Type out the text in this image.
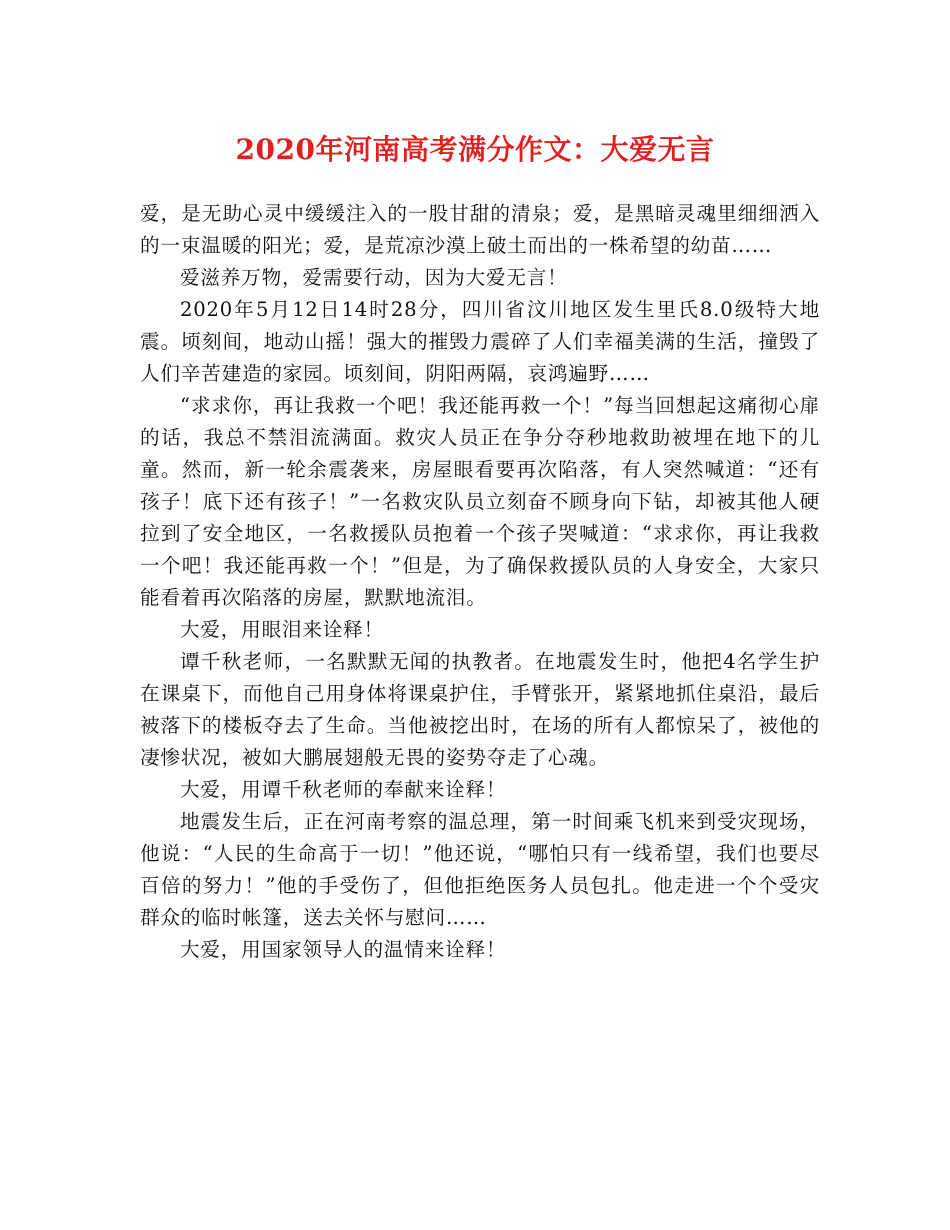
2020年河南高考满分作文：大爱无言

爱，是无助心灵中缓缓注入的一股甘甜的清泉；爱，是黑暗灵魂里细细洒入的一束温暖的阳光；爱，是荒凉沙漠上破土而出的一株希望的幼苗……

爱滋养万物，爱需要行动，因为大爱无言！

2020年5月12日14时28分，四川省汶川地区发生里氏8.0级特大地震。顷刻间，地动山摇！强大的摧毁力震碎了人们幸福美满的生活，撞毁了人们辛苦建造的家园。顷刻间，阴阳两隔，哀鸿遍野……

“求求你，再让我救一个吧！我还能再救一个！”每当回想起这痛彻心扉的话，我总不禁泪流满面。救灾人员正在争分夺秒地救助被埋在地下的儿童。然而，新一轮余震袭来，房屋眼看要再次陷落，有人突然喊道：“还有孩子！底下还有孩子！”一名救灾队员立刻奋不顾身向下钻，却被其他人硬拉到了安全地区，一名救援队员抱着一个孩子哭喊道：“求求你，再让我救一个吧！我还能再救一个！”但是，为了确保救援队员的人身安全，大家只能看着再次陷落的房屋，默默地流泪。

大爱，用眼泪来诠释！

谭千秋老师，一名默默无闻的执教者。在地震发生时，他把4名学生护在课桌下，而他自己用身体将课桌护住，手臂张开，紧紧地抓住桌沿，最后被落下的楼板夺去了生命。当他被挖出时，在场的所有人都惊呆了，被他的凄惨状况，被如大鹏展翅般无畏的姿势夺走了心魂。

大爱，用谭千秋老师的奉献来诠释！

地震发生后，正在河南考察的温总理，第一时间乘飞机来到受灾现场，他说：“人民的生命高于一切！”他还说，“哪怕只有一线希望，我们也要尽百倍的努力！”他的手受伤了，但他拒绝医务人员包扎。他走进一个个受灾群众的临时帐篷，送去关怀与慰问……

大爱，用国家领导人的温情来诠释！
